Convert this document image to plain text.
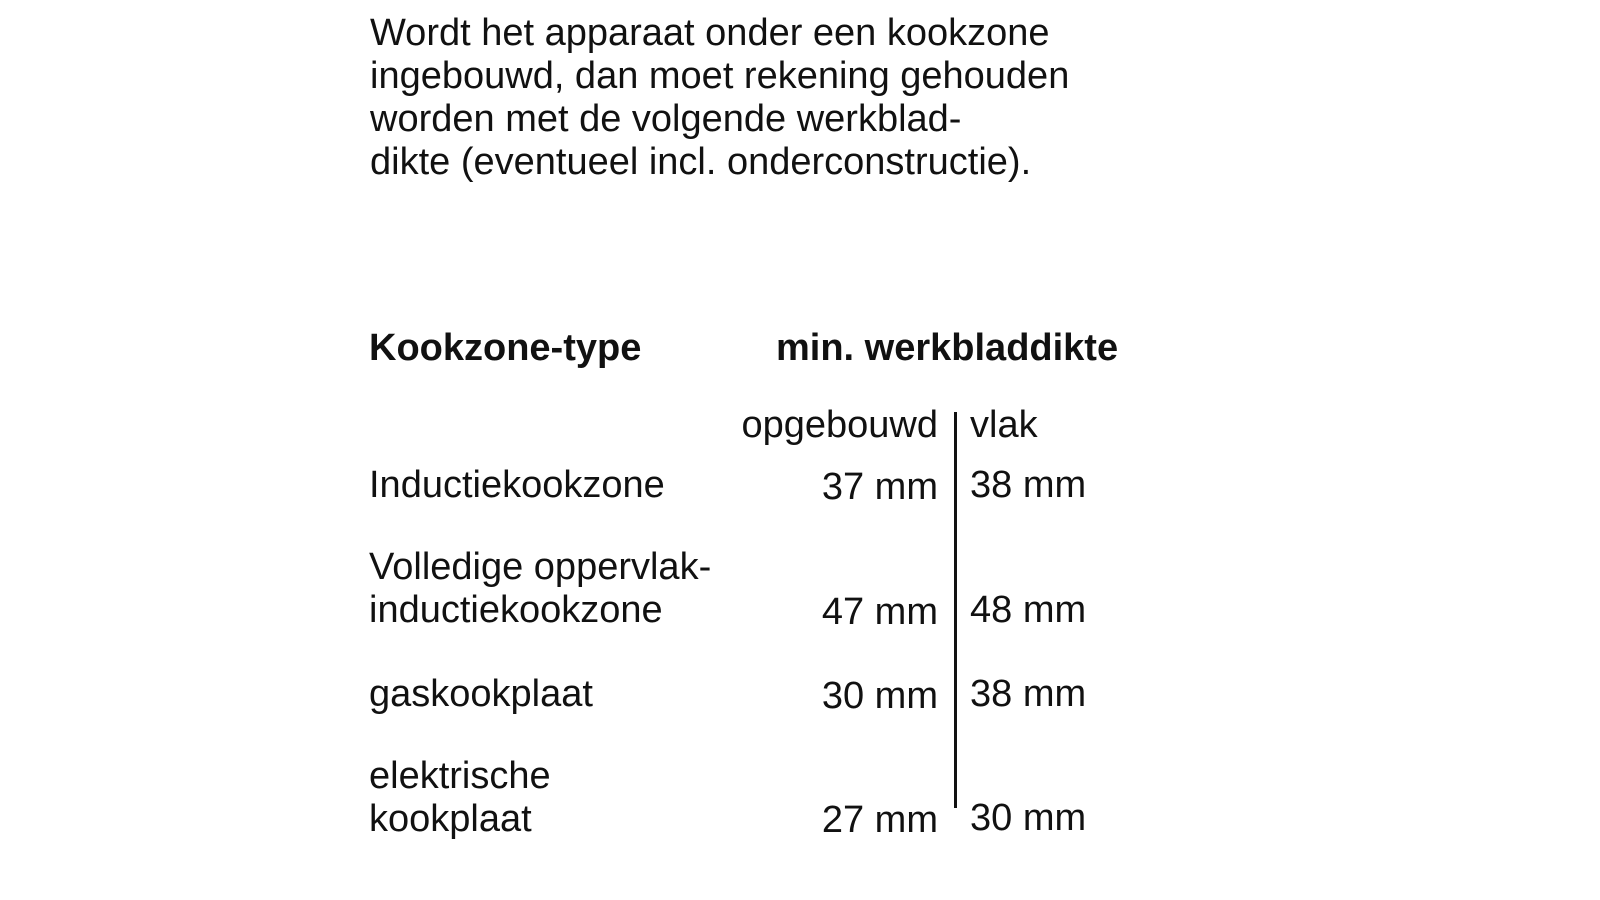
Wordt het apparaat onder een kookzone
ingebouwd, dan moet rekening gehouden
worden met de volgende werkblad-
dikte (eventueel incl. onderconstructie).
Kookzone-type	min. werkbladdikte
opgebouwd vlak
Inductiekookzone	37 mm 38 mm
Volledige oppervlak-
inductiekookzone	47 mm 48 mm
gaskookplaat	30 mm 38 mm
elektrische
kookplaat	27 mm 30 mm
